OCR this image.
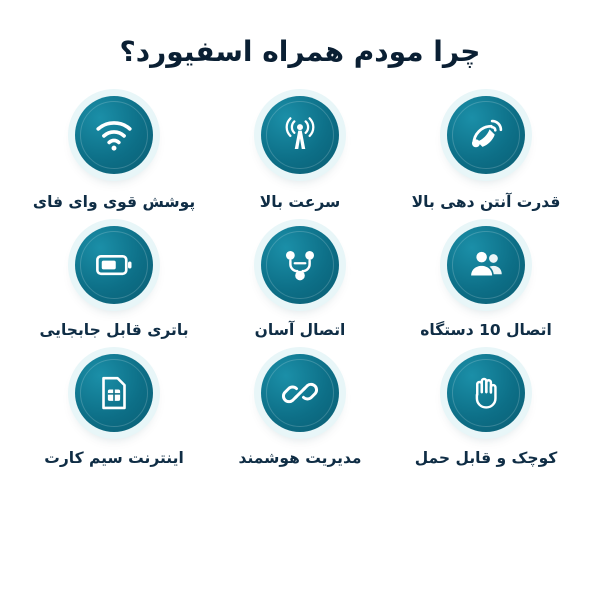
چرا مودم همراه اسفیورد؟
قدرت آنتن دهی بالا
سرعت بالا
پوشش قوی وای فای
اتصال 10 دستگاه
اتصال آسان
باتری قابل جابجایی
کوچک و قابل حمل
مدیریت هوشمند
اینترنت سیم کارت
